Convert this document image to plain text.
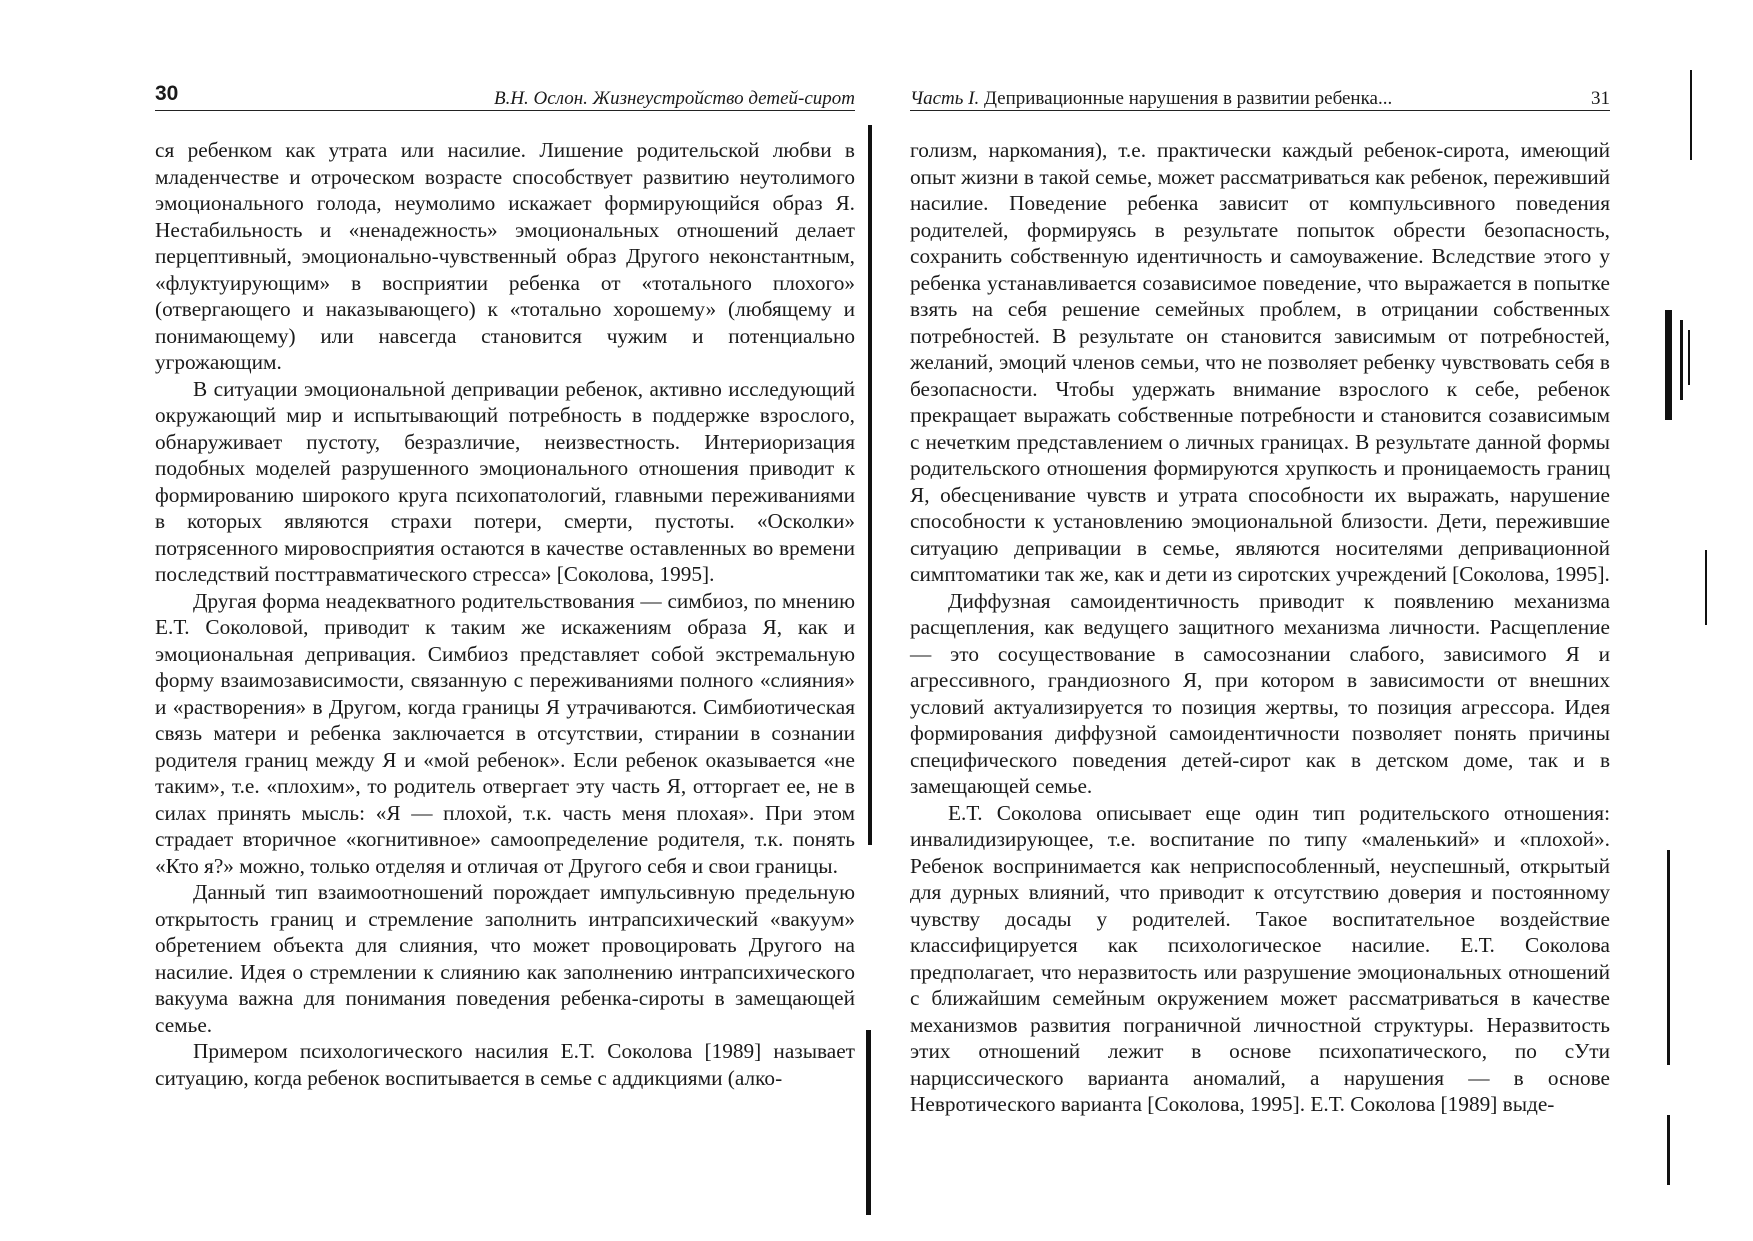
30	В.Н. Ослон. Жизнеустройство детей-сирот

ся ребенком как утрата или насилие. Лишение родительской любви в младенчестве и отроческом возрасте способствует развитию неутолимого эмоционального голода, неумолимо искажает формирующийся образ Я. Нестабильность и «ненадежность» эмоциональных отношений делает перцептивный, эмоционально-чувственный образ Другого неконстантным, «флуктуирующим» в восприятии ребенка от «тотального плохого» (отвергающего и наказывающего) к «тотально хорошему» (любящему и понимающему) или навсегда становится чужим и потенциально угрожающим.

В ситуации эмоциональной депривации ребенок, активно исследующий окружающий мир и испытывающий потребность в поддержке взрослого, обнаруживает пустоту, безразличие, неизвестность. Интериоризация подобных моделей разрушенного эмоционального отношения приводит к формированию широкого круга психопатологий, главными переживаниями в которых являются страхи потери, смерти, пустоты. «Осколки» потрясенного мировосприятия остаются в качестве оставленных во времени последствий посттравматического стресса» [Соколова, 1995].

Другая форма неадекватного родительствования — симбиоз, по мнению Е.Т. Соколовой, приводит к таким же искажениям образа Я, как и эмоциональная депривация. Симбиоз представляет собой экстремальную форму взаимозависимости, связанную с переживаниями полного «слияния» и «растворения» в Другом, когда границы Я утрачиваются. Симбиотическая связь матери и ребенка заключается в отсутствии, стирании в сознании родителя границ между Я и «мой ребенок». Если ребенок оказывается «не таким», т.е. «плохим», то родитель отвергает эту часть Я, отторгает ее, не в силах принять мысль: «Я — плохой, т.к. часть меня плохая». При этом страдает вторичное «когнитивное» самоопределение родителя, т.к. понять «Кто я?» можно, только отделяя и отличая от Другого себя и свои границы.

Данный тип взаимоотношений порождает импульсивную предельную открытость границ и стремление заполнить интрапсихический «вакуум» обретением объекта для слияния, что может провоцировать Другого на насилие. Идея о стремлении к слиянию как заполнению интрапсихического вакуума важна для понимания поведения ребенка-сироты в замещающей семье.

Примером психологического насилия Е.Т. Соколова [1989] называет ситуацию, когда ребенок воспитывается в семье с аддикциями (алко-

Часть I. Депривационные нарушения в развитии ребенка...	31

голизм, наркомания), т.е. практически каждый ребенок-сирота, имеющий опыт жизни в такой семье, может рассматриваться как ребенок, переживший насилие. Поведение ребенка зависит от компульсивного поведения родителей, формируясь в результате попыток обрести безопасность, сохранить собственную идентичность и самоуважение. Вследствие этого у ребенка устанавливается созависимое поведение, что выражается в попытке взять на себя решение семейных проблем, в отрицании собственных потребностей. В результате он становится зависимым от потребностей, желаний, эмоций членов семьи, что не позволяет ребенку чувствовать себя в безопасности. Чтобы удержать внимание взрослого к себе, ребенок прекращает выражать собственные потребности и становится созависимым с нечетким представлением о личных границах. В результате данной формы родительского отношения формируются хрупкость и проницаемость границ Я, обесценивание чувств и утрата способности их выражать, нарушение способности к установлению эмоциональной близости. Дети, пережившие ситуацию депривации в семье, являются носителями депривационной симптоматики так же, как и дети из сиротских учреждений [Соколова, 1995].

Диффузная самоидентичность приводит к появлению механизма расщепления, как ведущего защитного механизма личности. Расщепление — это сосуществование в самосознании слабого, зависимого Я и агрессивного, грандиозного Я, при котором в зависимости от внешних условий актуализируется то позиция жертвы, то позиция агрессора. Идея формирования диффузной самоидентичности позволяет понять причины специфического поведения детей-сирот как в детском доме, так и в замещающей семье.

Е.Т. Соколова описывает еще один тип родительского отношения: инвалидизирующее, т.е. воспитание по типу «маленький» и «плохой». Ребенок воспринимается как неприспособленный, неуспешный, открытый для дурных влияний, что приводит к отсутствию доверия и постоянному чувству досады у родителей. Такое воспитательное воздействие классифицируется как психологическое насилие. Е.Т. Соколова предполагает, что неразвитость или разрушение эмоциональных отношений с ближайшим семейным окружением может рассматриваться в качестве механизмов развития пограничной личностной структуры. Неразвитость этих отношений лежит в основе психопатического, по сУти нарциссического варианта аномалий, а нарушения — в основе Невротического варианта [Соколова, 1995]. Е.Т. Соколова [1989] выде-
